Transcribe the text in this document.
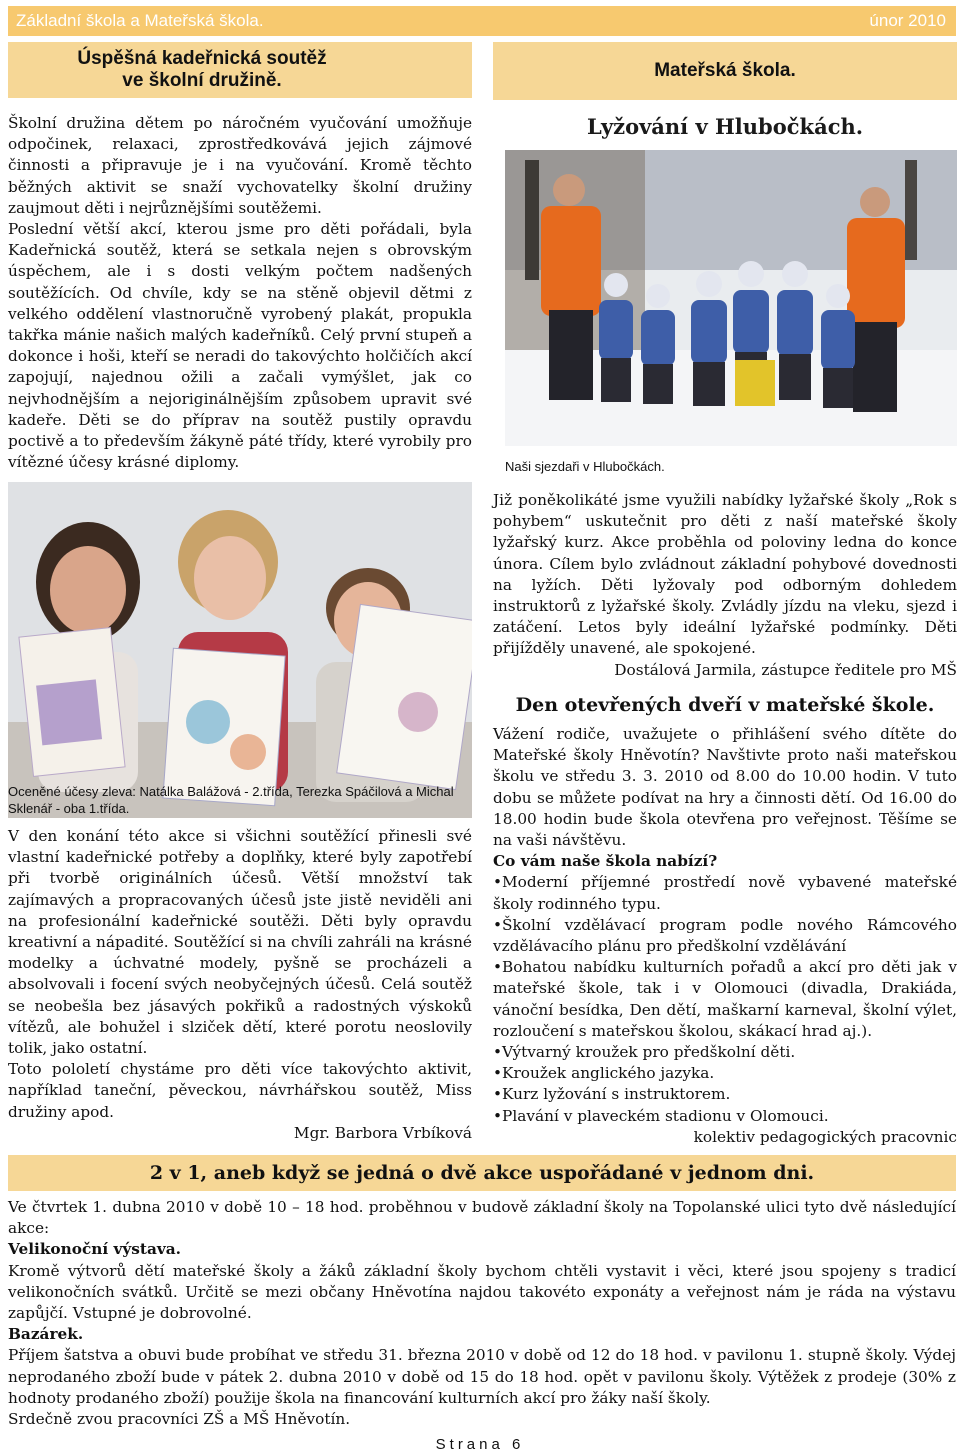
Základní škola a Mateřská škola.	únor 2010
Úspěšná kadeřnická soutěž
ve školní družině.	Mateřská škola.

Školní družina dětem po náročném vyučování umožňuje odpočinek, relaxaci, zprostředkovává jejich zájmové činnosti a připravuje je i na vyučování. Kromě těchto běžných aktivit se snaží vychovatelky školní družiny zaujmout děti i nejrůznějšími soutěžemi.

Poslední větší akcí, kterou jsme pro děti pořádali, byla Kadeřnická soutěž, která se setkala nejen s obrovským úspěchem, ale i s dosti velkým počtem nadšených soutěžících. Od chvíle, kdy se na stěně objevil dětmi z velkého oddělení vlastnoručně vyrobený plakát, propukla takřka mánie našich malých kadeřníků. Celý první stupeň a dokonce i hoši, kteří se neradi do takovýchto holčičích akcí zapojují, najednou ožili a začali vymýšlet, jak co nejvhodnějším a nejoriginálnějším způsobem upravit své kadeře. Děti se do příprav na soutěž pustily opravdu poctivě a to především žákyně páté třídy, které vyrobily pro vítězné účesy krásné diplomy.

Oceněné účesy zleva: Natálka Balážová - 2.třída, Terezka Spáčilová a Michal Sklenář - oba 1.třída.

V den konání této akce si všichni soutěžící přinesli své vlastní kadeřnické potřeby a doplňky, které byly zapotřebí při tvorbě originálních účesů. Větší množství tak zajímavých a propracovaných účesů jste jistě neviděli ani na profesionální kadeřnické soutěži. Děti byly opravdu kreativní a nápadité. Soutěžící si na chvíli zahráli na krásné modelky a úchvatné modely, pyšně se procházeli a absolvovali i focení svých neobyčejných účesů. Celá soutěž se neobešla bez jásavých pokřiků a radostných výskoků vítězů, ale bohužel i slziček dětí, které porotu neoslovily tolik, jako ostatní.

Toto pololetí chystáme pro děti více takovýchto aktivit, například taneční, pěveckou, návrhářskou soutěž, Miss družiny apod.

Mgr. Barbora Vrbíková

Lyžování v Hlubočkách.
Naši sjezdaři v Hlubočkách.

Již poněkolikáté jsme využili nabídky lyžařské školy „Rok s pohybem“ uskutečnit pro děti z naší mateřské školy lyžařský kurz. Akce proběhla od poloviny ledna do konce února. Cílem bylo zvládnout základní pohybové dovednosti na lyžích. Děti lyžovaly pod odborným dohledem instruktorů z lyžařské školy. Zvládly jízdu na vleku, sjezd i zatáčení. Letos byly ideální lyžařské podmínky. Děti přijížděly unavené, ale spokojené.

Dostálová Jarmila, zástupce ředitele pro MŠ

Den otevřených dveří v mateřské škole.

Vážení rodiče, uvažujete o přihlášení svého dítěte do Mateřské školy Hněvotín? Navštivte proto naši mateřskou školu ve středu 3. 3. 2010 od 8.00 do 10.00 hodin. V tuto dobu se můžete podívat na hry a činnosti dětí. Od 16.00 do 18.00 hodin bude škola otevřena pro veřejnost. Těšíme se na vaši návštěvu.

Co vám naše škola nabízí?

•Moderní příjemné prostředí nově vybavené mateřské školy rodinného typu.
•Školní vzdělávací program podle nového Rámcového vzdělávacího plánu pro předškolní vzdělávání
•Bohatou nabídku kulturních pořadů a akcí pro děti jak v mateřské škole, tak i v Olomouci (divadla, Drakiáda, vánoční besídka, Den dětí, maškarní karneval, školní výlet, rozloučení s mateřskou školou, skákací hrad aj.).
•Výtvarný kroužek pro předškolní děti.
•Kroužek anglického jazyka.
•Kurz lyžování s instruktorem.
•Plavání v plaveckém stadionu v Olomouci.

kolektiv pedagogických pracovnic

2 v 1, aneb když se jedná o dvě akce uspořádané v jednom dni.

Ve čtvrtek 1. dubna 2010 v době 10 – 18 hod. proběhnou v budově základní školy na Topolanské ulici tyto dvě následující akce:

Velikonoční výstava.

Kromě výtvorů dětí mateřské školy a žáků základní školy bychom chtěli vystavit i věci, které jsou spojeny s tradicí velikonočních svátků. Určitě se mezi občany Hněvotína najdou takovéto exponáty a veřejnost nám je ráda na výstavu zapůjčí. Vstupné je dobrovolné.

Bazárek.

Příjem šatstva a obuvi bude probíhat ve středu 31. března 2010 v době od 12 do 18 hod. v pavilonu 1. stupně školy. Výdej neprodaného zboží bude v pátek 2. dubna 2010 v době od 15 do 18 hod. opět v pavilonu školy. Výtěžek z prodeje (30% z hodnoty prodaného zboží) použije škola na financování kulturních akcí pro žáky naší školy.

Srdečně zvou pracovníci ZŠ a MŠ Hněvotín.

Strana 6
